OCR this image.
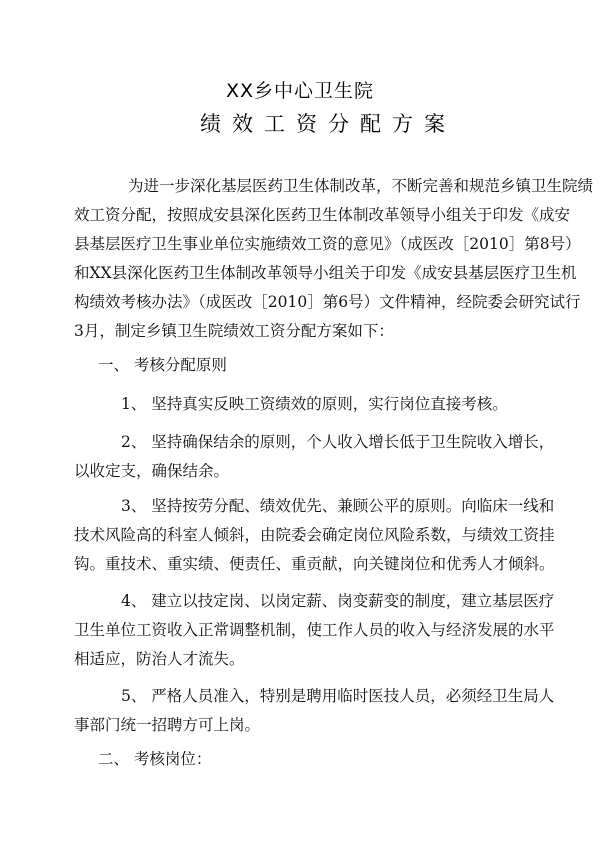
XX乡中心卫生院
绩效工资分配方案
为进一步深化基层医药卫生体制改革，不断完善和规范乡镇卫生院绩
效工资分配，按照成安县深化医药卫生体制改革领导小组关于印发《成安
县基层医疗卫生事业单位实施绩效工资的意见》（成医改［2010］第8号）
和XX县深化医药卫生体制改革领导小组关于印发《成安县基层医疗卫生机
构绩效考核办法》（成医改［2010］第6号）文件精神，经院委会研究试行
3月，制定乡镇卫生院绩效工资分配方案如下：
一、 考核分配原则
1、 坚持真实反映工资绩效的原则，实行岗位直接考核。
2、 坚持确保结余的原则，个人收入增长低于卫生院收入增长，
以收定支，确保结余。
3、 坚持按劳分配、绩效优先、兼顾公平的原则。向临床一线和
技术风险高的科室人倾斜，由院委会确定岗位风险系数，与绩效工资挂
钩。重技术、重实绩、便责任、重贡献，向关键岗位和优秀人才倾斜。
4、 建立以技定岗、以岗定薪、岗变薪变的制度，建立基层医疗
卫生单位工资收入正常调整机制，使工作人员的收入与经济发展的水平
相适应，防治人才流失。
5、 严格人员准入，特别是聘用临时医技人员，必须经卫生局人
事部门统一招聘方可上岗。
二、 考核岗位：
